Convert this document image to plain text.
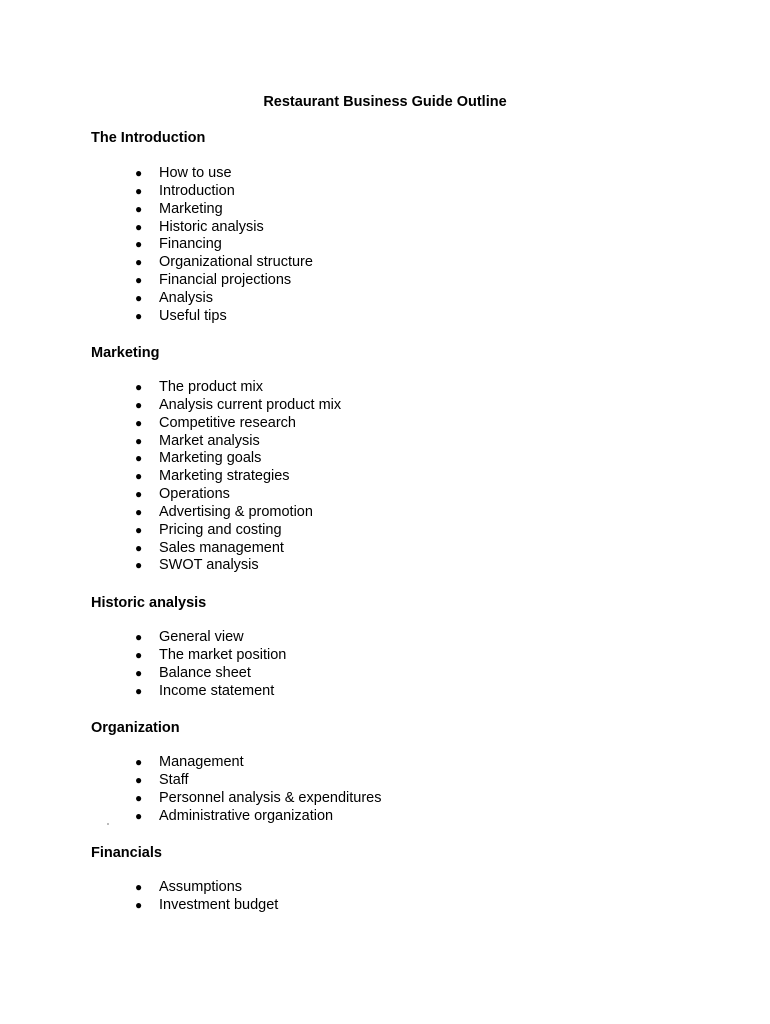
Restaurant Business Guide Outline
The Introduction
● How to use
● Introduction
● Marketing
● Historic analysis
● Financing
● Organizational structure
● Financial projections
● Analysis
● Useful tips
Marketing
● The product mix
● Analysis current product mix
● Competitive research
● Market analysis
● Marketing goals
● Marketing strategies
● Operations
● Advertising & promotion
● Pricing and costing
● Sales management
● SWOT analysis
Historic analysis
● General view
● The market position
● Balance sheet
● Income statement
Organization
● Management
● Staff
● Personnel analysis & expenditures
● Administrative organization
Financials
● Assumptions
● Investment budget
